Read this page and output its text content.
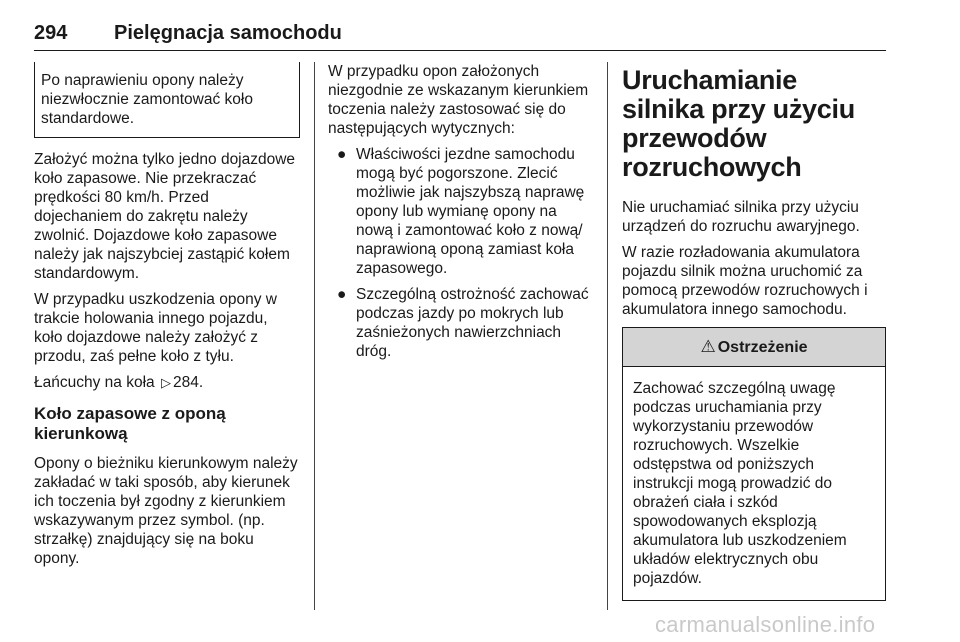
294 Pielęgnacja samochodu

Po naprawieniu opony należy niezwłocznie zamontować koło standardowe.

Założyć można tylko jedno dojazdowe koło zapasowe. Nie przekraczać prędkości 80 km/h. Przed dojechaniem do zakrętu należy zwolnić. Dojazdowe koło zapasowe należy jak najszybciej zastąpić kołem standardowym.

W przypadku uszkodzenia opony w trakcie holowania innego pojazdu, koło dojazdowe należy założyć z przodu, zaś pełne koło z tyłu.

Łańcuchy na koła ▷ 284.

Koło zapasowe z oponą kierunkową

Opony o bieżniku kierunkowym należy zakładać w taki sposób, aby kierunek ich toczenia był zgodny z kierunkiem wskazywanym przez symbol. (np. strzałkę) znajdujący się na boku opony.

W przypadku opon założonych niezgodnie ze wskazanym kierunkiem toczenia należy zastosować się do następujących wytycznych:

● Właściwości jezdne samochodu mogą być pogorszone. Zlecić możliwie jak najszybszą naprawę opony lub wymianę opony na nową i zamontować koło z nową/ naprawioną oponą zamiast koła zapasowego.
● Szczególną ostrożność zachować podczas jazdy po mokrych lub zaśnieżonych nawierzchniach dróg.
Uruchamianie silnika przy użyciu przewodów rozruchowych

Nie uruchamiać silnika przy użyciu urządzeń do rozruchu awaryjnego.

W razie rozładowania akumulatora pojazdu silnik można uruchomić za pomocą przewodów rozruchowych i akumulatora innego samochodu.

⚠ Ostrzeżenie

Zachować szczególną uwagę podczas uruchamiania przy wykorzystaniu przewodów rozruchowych. Wszelkie odstępstwa od poniższych instrukcji mogą prowadzić do obrażeń ciała i szkód spowodowanych eksplozją akumulatora lub uszkodzeniem układów elektrycznych obu pojazdów.

carmanualsonline.info
